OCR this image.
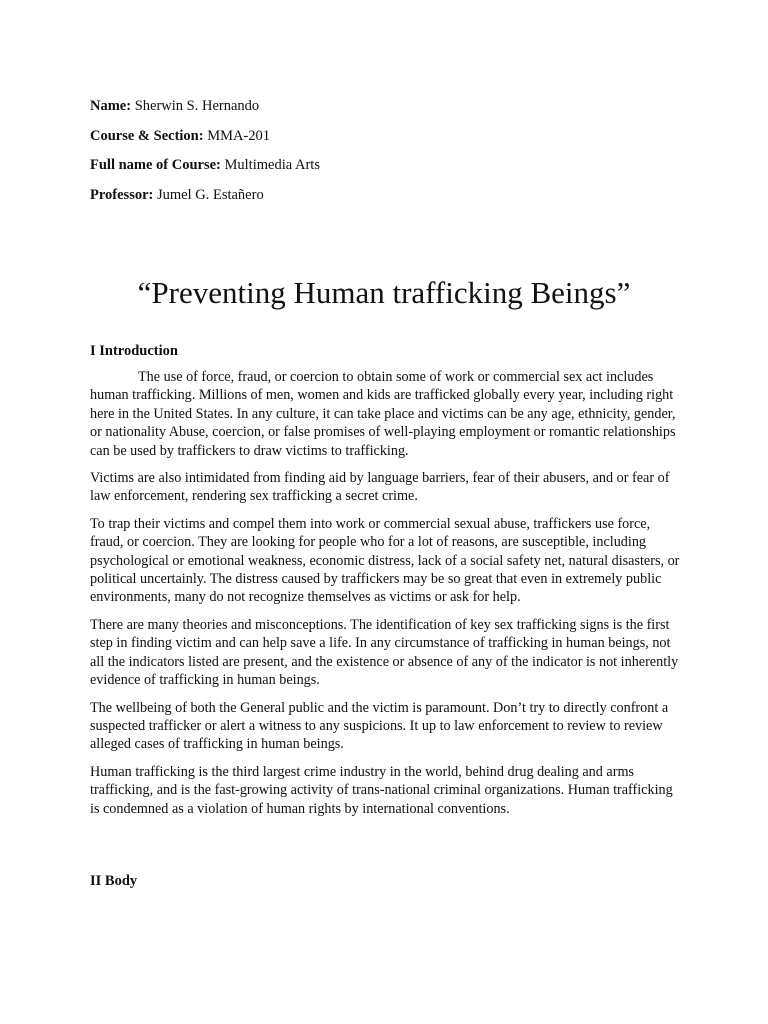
Name: Sherwin S. Hernando
Course & Section: MMA-201
Full name of Course: Multimedia Arts
Professor: Jumel G. Estañero
“Preventing Human trafficking Beings”
I Introduction

The use of force, fraud, or coercion to obtain some of work or commercial sex act includes human trafficking. Millions of men, women and kids are trafficked globally every year, including right here in the United States. In any culture, it can take place and victims can be any age, ethnicity, gender, or nationality Abuse, coercion, or false promises of well-playing employment or romantic relationships can be used by traffickers to draw victims to trafficking.

Victims are also intimidated from finding aid by language barriers, fear of their abusers, and or fear of law enforcement, rendering sex trafficking a secret crime.

To trap their victims and compel them into work or commercial sexual abuse, traffickers use force, fraud, or coercion. They are looking for people who for a lot of reasons, are susceptible, including psychological or emotional weakness, economic distress, lack of a social safety net, natural disasters, or political uncertainly. The distress caused by traffickers may be so great that even in extremely public environments, many do not recognize themselves as victims or ask for help.

There are many theories and misconceptions. The identification of key sex trafficking signs is the first step in finding victim and can help save a life. In any circumstance of trafficking in human beings, not all the indicators listed are present, and the existence or absence of any of the indicator is not inherently evidence of trafficking in human beings.

The wellbeing of both the General public and the victim is paramount. Don’t try to directly confront a suspected trafficker or alert a witness to any suspicions. It up to law enforcement to review to review alleged cases of trafficking in human beings.

Human trafficking is the third largest crime industry in the world, behind drug dealing and arms trafficking, and is the fast-growing activity of trans-national criminal organizations. Human trafficking is condemned as a violation of human rights by international conventions.

II Body
